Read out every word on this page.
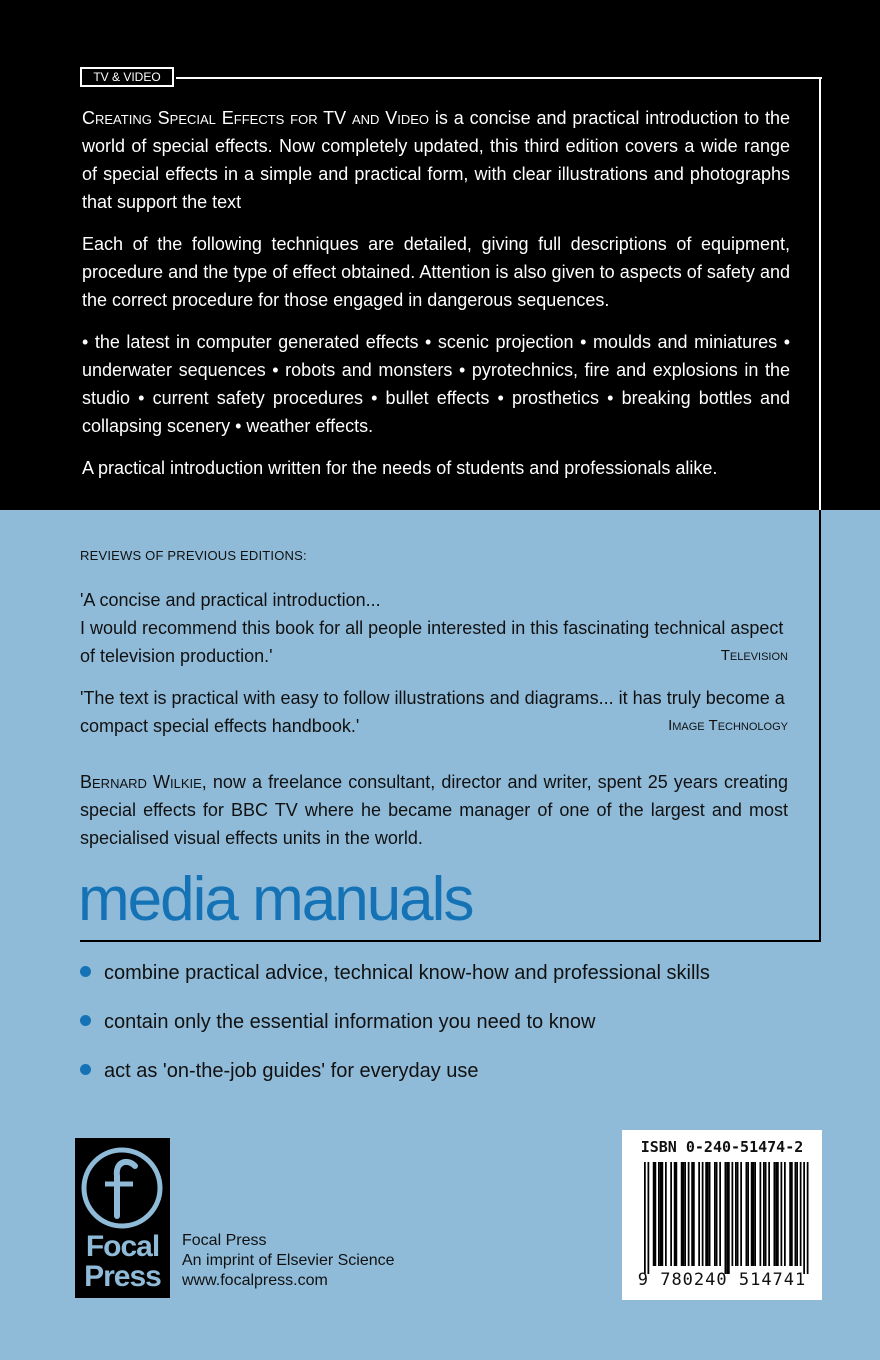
TV & VIDEO

Creating Special Effects for TV and Video is a concise and practical introduction to the world of special effects. Now completely updated, this third edition covers a wide range of special effects in a simple and practical form, with clear illustrations and photographs that support the text

Each of the following techniques are detailed, giving full descriptions of equipment, procedure and the type of effect obtained. Attention is also given to aspects of safety and the correct procedure for those engaged in dangerous sequences.

• the latest in computer generated effects • scenic projection • moulds and miniatures • underwater sequences • robots and monsters • pyrotechnics, fire and explosions in the studio • current safety procedures • bullet effects • prosthetics • breaking bottles and collapsing scenery • weather effects.

A practical introduction written for the needs of students and professionals alike.

REVIEWS OF PREVIOUS EDITIONS:

'A concise and practical introduction...
I would recommend this book for all people interested in this fascinating technical aspect of television production.'	Television

'The text is practical with easy to follow illustrations and diagrams... it has truly become a compact special effects handbook.'	Image Technology

Bernard Wilkie, now a freelance consultant, director and writer, spent 25 years creating special effects for BBC TV where he became manager of one of the largest and most specialised visual effects units in the world.

media manuals
combine practical advice, technical know-how and professional skills
contain only the essential information you need to know
act as 'on-the-job guides' for everyday use
Focal
Press
Focal Press
An imprint of Elsevier Science
www.focalpress.com
ISBN 0-240-51474-2
9 780240 514741
